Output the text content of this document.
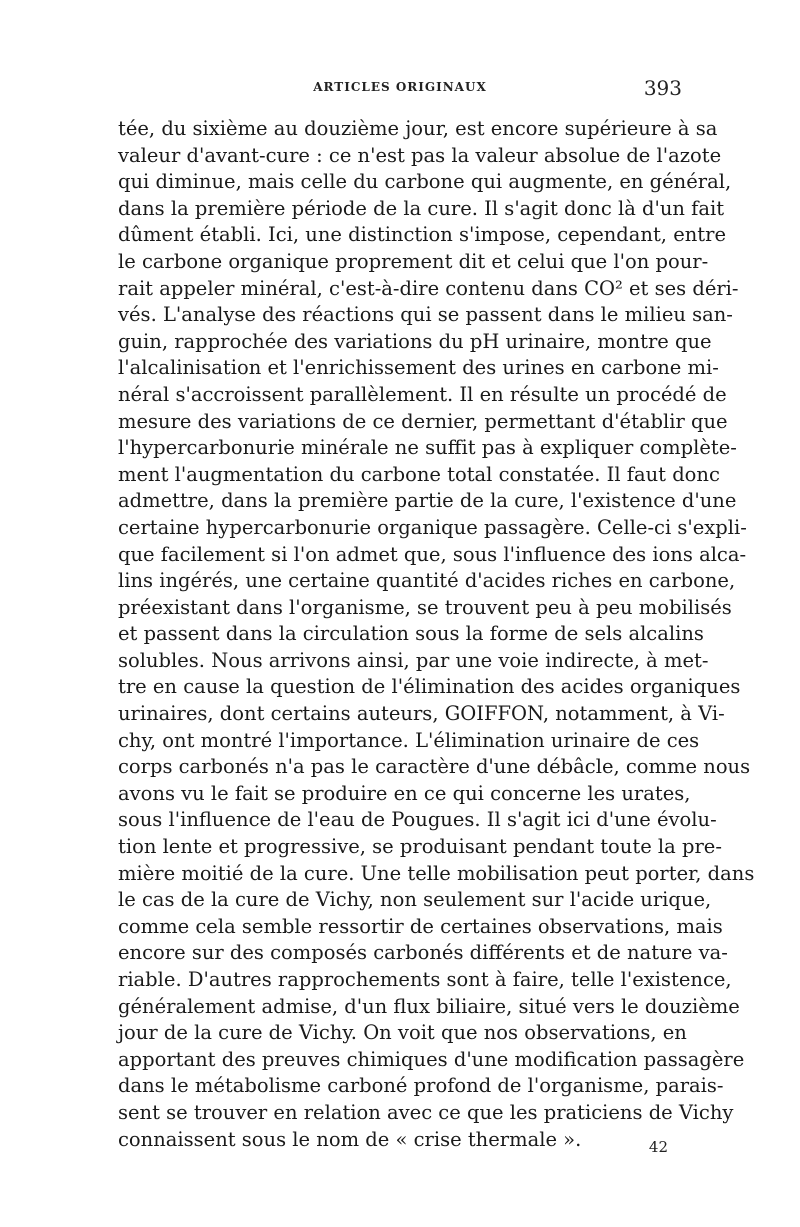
ARTICLES ORIGINAUX	393
tée, du sixième au douzième jour, est encore supérieure à sa
valeur d'avant-cure : ce n'est pas la valeur absolue de l'azote
qui diminue, mais celle du carbone qui augmente, en général,
dans la première période de la cure. Il s'agit donc là d'un fait
dûment établi. Ici, une distinction s'impose, cependant, entre
le carbone organique proprement dit et celui que l'on pour-
rait appeler minéral, c'est-à-dire contenu dans CO² et ses déri-
vés. L'analyse des réactions qui se passent dans le milieu san-
guin, rapprochée des variations du pH urinaire, montre que
l'alcalinisation et l'enrichissement des urines en carbone mi-
néral s'accroissent parallèlement. Il en résulte un procédé de
mesure des variations de ce dernier, permettant d'établir que
l'hypercarbonurie minérale ne suffit pas à expliquer complète-
ment l'augmentation du carbone total constatée. Il faut donc
admettre, dans la première partie de la cure, l'existence d'une
certaine hypercarbonurie organique passagère. Celle-ci s'expli-
que facilement si l'on admet que, sous l'influence des ions alca-
lins ingérés, une certaine quantité d'acides riches en carbone,
préexistant dans l'organisme, se trouvent peu à peu mobilisés
et passent dans la circulation sous la forme de sels alcalins
solubles. Nous arrivons ainsi, par une voie indirecte, à met-
tre en cause la question de l'élimination des acides organiques
urinaires, dont certains auteurs, GOIFFON, notamment, à Vi-
chy, ont montré l'importance. L'élimination urinaire de ces
corps carbonés n'a pas le caractère d'une débâcle, comme nous
avons vu le fait se produire en ce qui concerne les urates,
sous l'influence de l'eau de Pougues. Il s'agit ici d'une évolu-
tion lente et progressive, se produisant pendant toute la pre-
mière moitié de la cure. Une telle mobilisation peut porter, dans
le cas de la cure de Vichy, non seulement sur l'acide urique,
comme cela semble ressortir de certaines observations, mais
encore sur des composés carbonés différents et de nature va-
riable. D'autres rapprochements sont à faire, telle l'existence,
généralement admise, d'un flux biliaire, situé vers le douzième
jour de la cure de Vichy. On voit que nos observations, en
apportant des preuves chimiques d'une modification passagère
dans le métabolisme carboné profond de l'organisme, parais-
sent se trouver en relation avec ce que les praticiens de Vichy
connaissent sous le nom de « crise thermale ».	42
